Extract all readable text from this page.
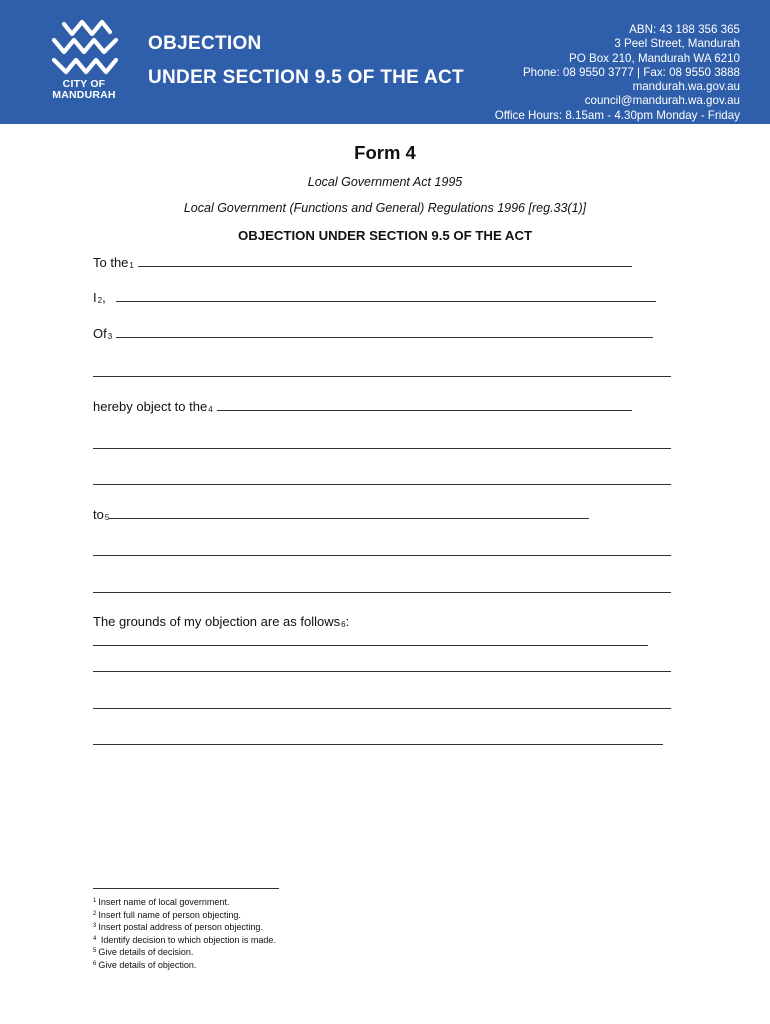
CITY OF
MANDURAH
OBJECTION
UNDER SECTION 9.5 OF THE ACT
ABN: 43 188 356 365
3 Peel Street, Mandurah
PO Box 210, Mandurah WA 6210
Phone: 08 9550 3777 | Fax: 08 9550 3888
mandurah.wa.gov.au
council@mandurah.wa.gov.au
Office Hours: 8.15am - 4.30pm Monday - Friday
Form 4
Local Government Act 1995
Local Government (Functions and General) Regulations 1996 [reg.33(1)]
OBJECTION UNDER SECTION 9.5 OF THE ACT
To the$_1$
$I_2$ ,
$Of_3$
hereby object to the$_4$
$to_5$
The grounds of my objection are as follows $_6$ :
$^1$ Insert name of local government.
$^2$ Insert full name of person objecting.
$^3$ Insert postal address of person objecting.
$^4$ Identify decision to which objection is made.
$^5$ Give details of decision.
$^6$ Give details of objection.
